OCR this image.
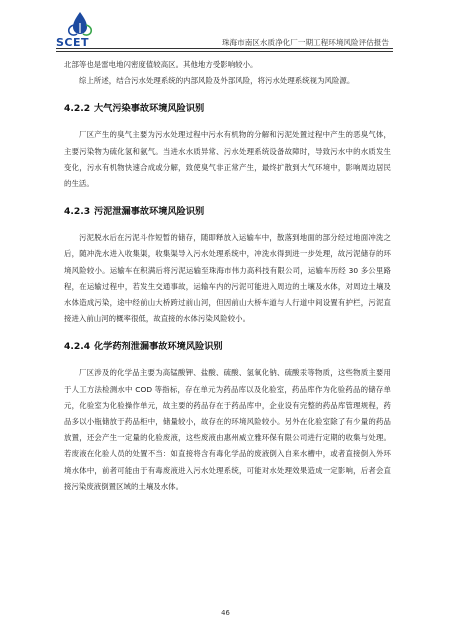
SCET	珠海市南区水质净化厂一期工程环境风险评估报告

北部等也是雷电地闪密度值较高区。其他地方受影响较小。

综上所述，结合污水处理系统的内部风险及外部风险，将污水处理系统视为风险源。

4.2.2 大气污染事故环境风险识别

厂区产生的臭气主要为污水处理过程中污水有机物的分解和污泥处置过程中产生的恶臭气体，主要污染物为硫化氢和氨气。当进水水质异常、污水处理系统设备故障时，导致污水中的水质发生变化，污水有机物快速合成或分解，致使臭气非正常产生，最终扩散到大气环境中，影响周边居民的生活。

4.2.3 污泥泄漏事故环境风险识别

污泥脱水后在污泥斗作短暂的储存，随即释放入运输车中，散落到地面的部分经过地面冲洗之后，随冲洗水进入收集渠，收集渠导入污水处理系统中，冲洗水得到进一步处理，故污泥储存的环境风险较小。运输车在积满后将污泥运输至珠海市伟力高科技有限公司，运输车历经 30 多公里路程，在运输过程中，若发生交通事故，运输车内的污泥可能进入周边的土壤及水体，对周边土壤及水体造成污染，途中经前山大桥跨过前山河，但因前山大桥车道与人行道中间设置有护栏，污泥直接进入前山河的概率很低，故直接的水体污染风险较小。

4.2.4 化学药剂泄漏事故环境风险识别

厂区涉及的化学品主要为高锰酸钾、盐酸、硫酸、氢氧化钠、硫酸汞等物质，这些物质主要用于人工方法检测水中 COD 等指标，存在单元为药品库以及化验室，药品库作为化验药品的储存单元，化验室为化验操作单元，故主要的药品存在于药品库中，企业设有完整的药品库管理规程，药品多以小瓶储放于药品柜中，储量较小，故存在的环境风险较小。另外在化验室除了有少量的药品放置，还会产生一定量的化验废液，这些废液由惠州威立雅环保有限公司进行定期的收集与处理。若废液在化验人员的处置不当：如直接将含有毒化学品的废液倒入自来水槽中，或者直接倒入外环境水体中，前者可能由于有毒废液进入污水处理系统，可能对水处理效果造成一定影响，后者会直接污染废液倒置区域的土壤及水体。

46
